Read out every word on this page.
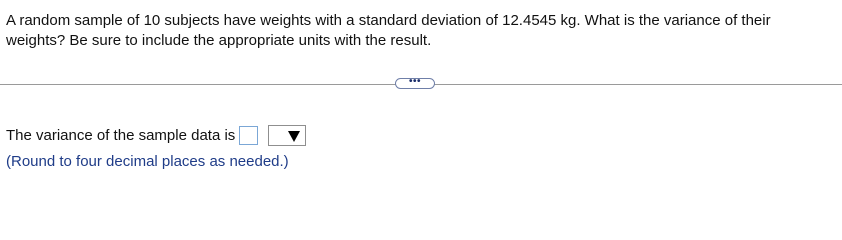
A random sample of 10 subjects have weights with a standard deviation of 12.4545 kg. What is the variance of their weights? Be sure to include the appropriate units with the result.

•••
The variance of the sample data is
(Round to four decimal places as needed.)
